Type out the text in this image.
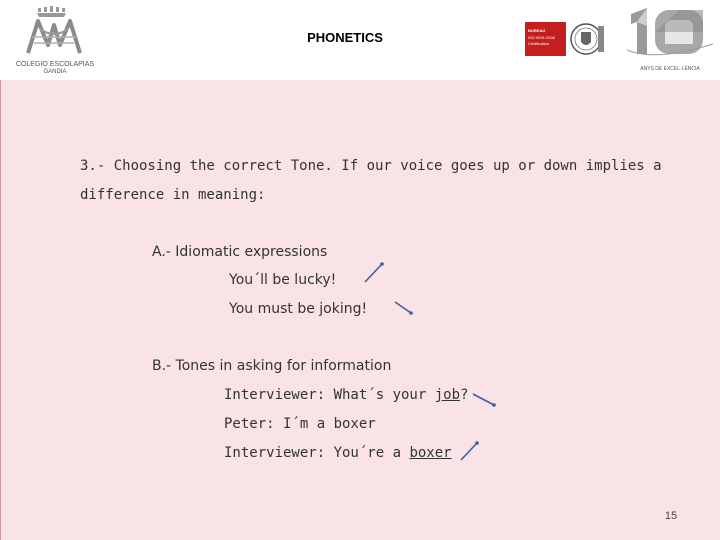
COLEGIO ESCOLAPIAS
GANDIA
PHONETICS	BUREAU
ISO 9001:2008
Certification
ANYS DE EXCEL·LÈNCIA
3.- Choosing the correct Tone. If our voice goes up or down implies a
difference in meaning:
A.- Idiomatic expressions
You´ll be lucky!
You must be joking!
B.- Tones in asking for information
Interviewer: What´s your job?
Peter: I´m a boxer
Interviewer: You´re a boxer
15
